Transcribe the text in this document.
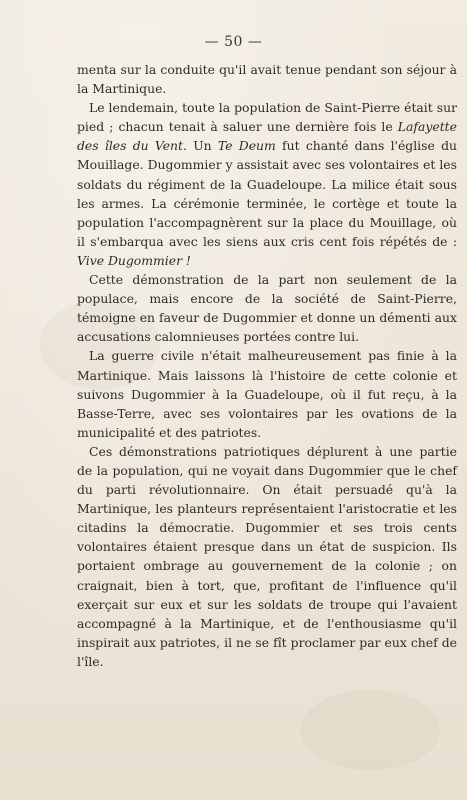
— 50 —

menta sur la conduite qu'il avait tenue pendant son séjour à la Martinique.

Le lendemain, toute la population de Saint-Pierre était sur pied ; chacun tenait à saluer une dernière fois le Lafayette des îles du Vent. Un Te Deum fut chanté dans l'église du Mouillage. Dugommier y assistait avec ses volontaires et les soldats du régiment de la Guadeloupe. La milice était sous les armes. La cérémonie terminée, le cortège et toute la population l'accompagnèrent sur la place du Mouillage, où il s'embarqua avec les siens aux cris cent fois répétés de : Vive Dugommier !

Cette démonstration de la part non seulement de la populace, mais encore de la société de Saint-Pierre, témoigne en faveur de Dugommier et donne un démenti aux accusations calomnieuses portées contre lui.

La guerre civile n'était malheureusement pas finie à la Martinique. Mais laissons là l'histoire de cette colonie et suivons Dugommier à la Guadeloupe, où il fut reçu, à la Basse-Terre, avec ses volontaires par les ovations de la municipalité et des patriotes.

Ces démonstrations patriotiques déplurent à une partie de la population, qui ne voyait dans Dugommier que le chef du parti révolutionnaire. On était persuadé qu'à la Martinique, les planteurs représentaient l'aristocratie et les citadins la démocratie. Dugommier et ses trois cents volontaires étaient presque dans un état de suspicion. Ils portaient ombrage au gouvernement de la colonie ; on craignait, bien à tort, que, profitant de l'influence qu'il exerçait sur eux et sur les soldats de troupe qui l'avaient accompagné à la Martinique, et de l'enthousiasme qu'il inspirait aux patriotes, il ne se fît proclamer par eux chef de l'île.
